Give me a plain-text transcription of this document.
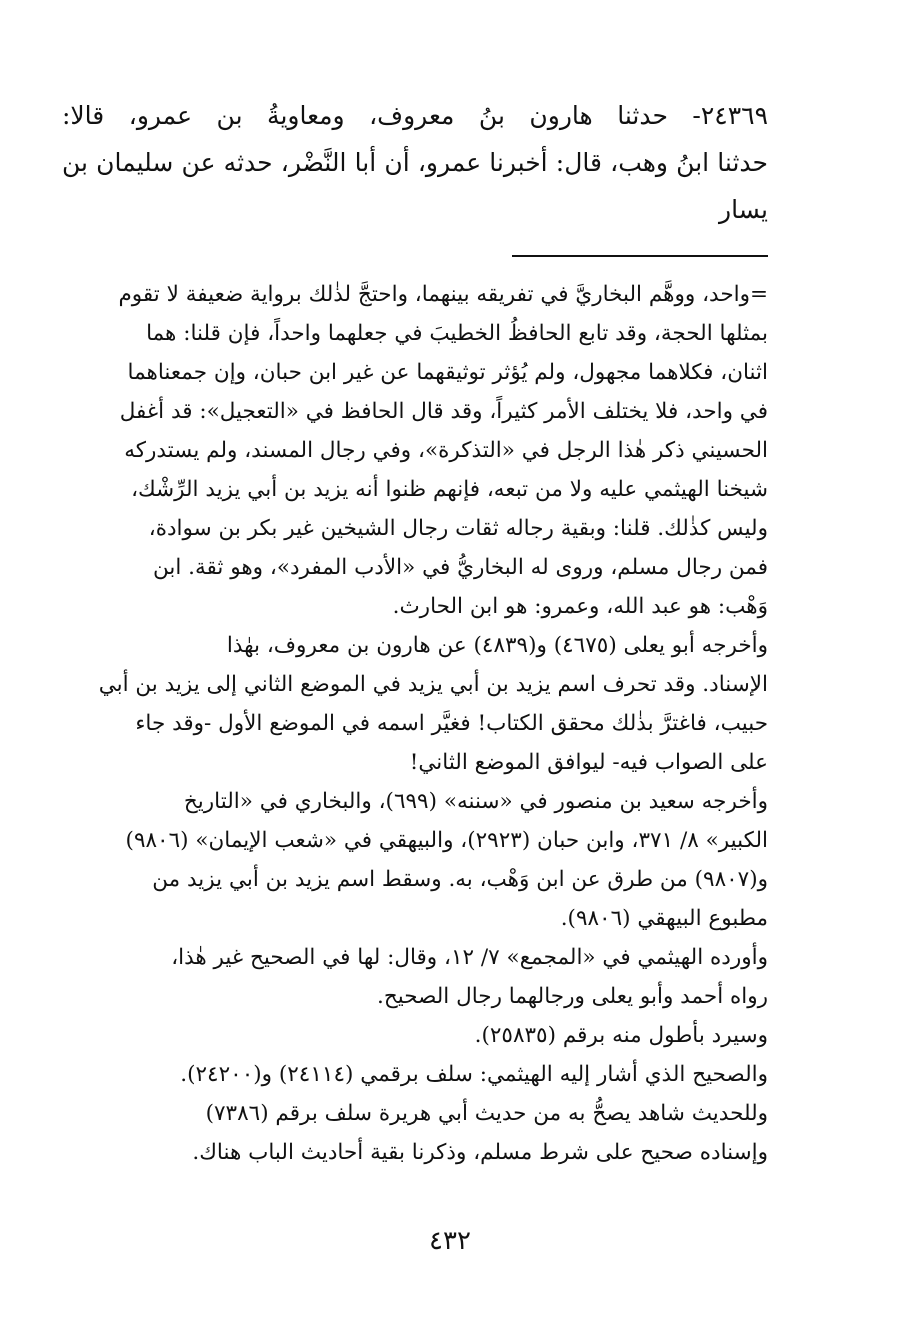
٢٤٣٦٩- حدثنا هارون بنُ معروف، ومعاويةُ بن عمرو، قالا:
حدثنا ابنُ وهب، قال: أخبرنا عمرو، أن أبا النَّضْر، حدثه عن سليمان بن
يسار
=واحد، ووهَّم البخاريَّ في تفريقه بينهما، واحتجَّ لذٰلك برواية ضعيفة لا تقوم
بمثلها الحجة، وقد تابع الحافظُ الخطيبَ في جعلهما واحداً، فإن قلنا: هما
اثنان، فكلاهما مجهول، ولم يُؤثر توثيقهما عن غير ابن حبان، وإن جمعناهما
في واحد، فلا يختلف الأمر كثيراً، وقد قال الحافظ في «التعجيل»: قد أغفل
الحسيني ذكر هٰذا الرجل في «التذكرة»، وفي رجال المسند، ولم يستدركه
شيخنا الهيثمي عليه ولا من تبعه، فإنهم ظنوا أنه يزيد بن أبي يزيد الرِّشْك،
وليس كذٰلك. قلنا: وبقية رجاله ثقات رجال الشيخين غير بكر بن سوادة،
فمن رجال مسلم، وروى له البخاريُّ في «الأدب المفرد»، وهو ثقة. ابن
وَهْب: هو عبد الله، وعمرو: هو ابن الحارث.
وأخرجه أبو يعلى (٤٦٧٥) و(٤٨٣٩) عن هارون بن معروف، بهٰذا
الإسناد. وقد تحرف اسم يزيد بن أبي يزيد في الموضع الثاني إلى يزيد بن أبي
حبيب، فاغترَّ بذٰلك محقق الكتاب! فغيَّر اسمه في الموضع الأول -وقد جاء
على الصواب فيه- ليوافق الموضع الثاني!
وأخرجه سعيد بن منصور في «سننه» (٦٩٩)، والبخاري في «التاريخ
الكبير» ٨/ ٣٧١، وابن حبان (٢٩٢٣)، والبيهقي في «شعب الإيمان» (٩٨٠٦)
و(٩٨٠٧) من طرق عن ابن وَهْب، به. وسقط اسم يزيد بن أبي يزيد من
مطبوع البيهقي (٩٨٠٦).
وأورده الهيثمي في «المجمع» ٧/ ١٢، وقال: لها في الصحيح غير هٰذا،
رواه أحمد وأبو يعلى ورجالهما رجال الصحيح.
وسيرد بأطول منه برقم (٢٥٨٣٥).
والصحيح الذي أشار إليه الهيثمي: سلف برقمي (٢٤١١٤) و(٢٤٢٠٠).
وللحديث شاهد يصحُّ به من حديث أبي هريرة سلف برقم (٧٣٨٦)
وإسناده صحيح على شرط مسلم، وذكرنا بقية أحاديث الباب هناك.
٤٣٢
